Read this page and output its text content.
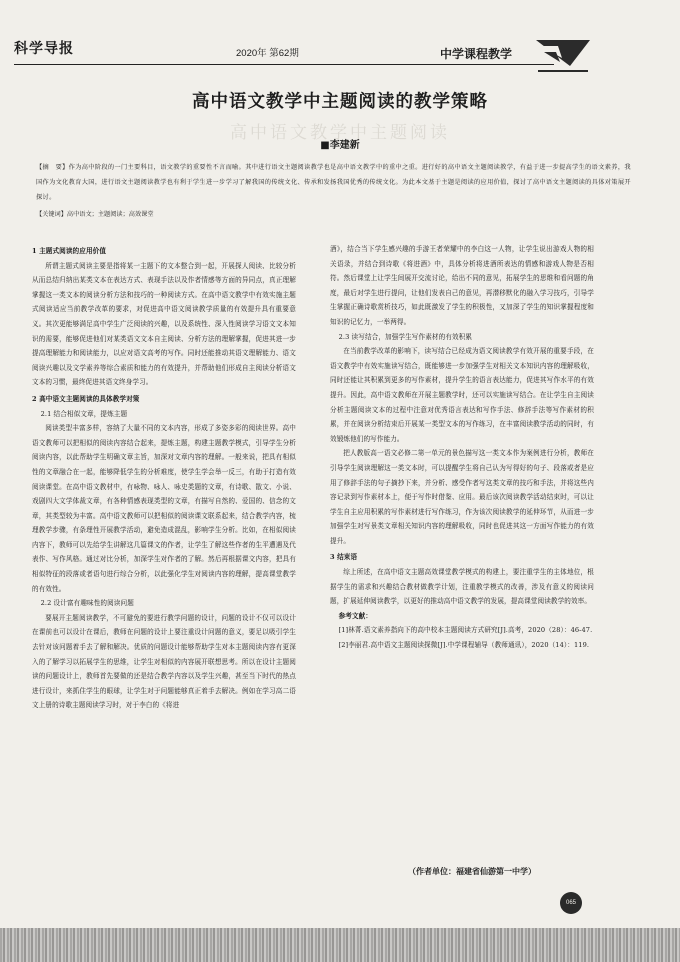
科学导报	2020年 第62期	中学课程教学
高中语文教学中主题阅读的教学策略
高中语文教学中主题阅读
■李建新
【摘　要】作为高中阶段的一门主要科目，语文教学的重要性不言而喻。其中进行语文主题阅读教学也是高中语文教学中的重中之重。进行好的高中语文主题阅读教学，有益于进一步提高学生的语文素养，我国作为文化教育大国，进行语文主题阅读教学也有利于学生进一步学习了解我国的传统文化、传承和发扬我国优秀的传统文化。为此本文基于主题是阅读的应用价值，探讨了高中语文主题阅读的具体对策展开探讨。
【关键词】高中语文；主题阅读；高效课堂
1 主题式阅读的应用价值

所谓主题式阅读主要是指将某一主题下的文本整合到一起，开展探人阅读、比较分析从而总结归纳出某类文本在表达方式、表现手法以及作者情感等方面的异同点，真正理解掌握这一类文本的阅读分析方法和技巧的一种阅读方式。在高中语文教学中有效实施主题式阅读适应当前教学改革的要求，对促进高中语文阅读教学质量的有效提升具有重要意义。其次更能够满足高中学生广泛阅读的兴趣，以及系统性、深入性阅读学习语文文本知识的需要，能够促进他们对某类语文文本自主阅读、分析方法的理解掌握，促进其进一步提高理解能力和阅读能力，以应对语文高考的写作。同时还能推动其语文理解能力、语文阅读兴趣以及文学素养等综合素质和能力的有效提升，并帮助他们形成自主阅读分析语文文本的习惯，最终促进其语文终身学习。

2 高中语文主题阅读的具体教学对策
2.1 结合相似文章，提炼主题

阅读类型丰富多样，容纳了大量不同的文本内容，形成了多姿多彩的阅读世界。高中语文教师可以把相似的阅读内容结合起来，提炼主题，构建主题教学模式，引导学生分析阅读内容，以此帮助学生明确文章主旨，加深对文章内容的理解。一般来说，把具有相似性的文章融合在一起，能够降低学生的分析难度，使学生学会举一反三，有助于打造有效阅读课堂。在高中语文教材中，有咏物、咏人、咏史类题的文章，有诗歌、散文、小说、戏剧四大文学体裁文章，有各种情感表现类型的文章，有描写自然的、爱国的、信念的文章，其类型较为丰富。高中语文教师可以把相似的阅读课文联系起来，结合教学内容，梳理教学步骤，有条理性开展教学活动，避免造成混乱，影响学生分析。比如，在相似阅读内容下，教师可以先给学生讲解这几篇课文的作者，让学生了解这些作者的生平遭遇及代表作、写作风格。通过对比分析，加深学生对作者的了解。然后再根据课文内容，把具有相似特征的段落或者语句进行综合分析，以此强化学生对阅读内容的理解，提高课堂教学的有效性。

2.2 设计富有趣味性的阅读问题

要展开主题阅读教学，不可避免的要进行教学问题的设计，问题的设计不仅可以设计在课前也可以设计在课后，教师在问题的设计上要注重设计问题的意义，要足以吸引学生去针对该问题着手去了解和解决。优质的问题设计能够帮助学生对本主题阅读内容有更深入的了解学习以拓展学生的思维，让学生对相似的内容展开联想思考。所以在设计主题阅读的问题设计上，教师首先要做的还是结合教学内容以及学生兴趣，甚至当下时代的热点进行设计，来抓住学生的眼球，让学生对于问题能够真正着手去解决。例如在学习高二语文上册的诗歌主题阅读学习时，对于李白的《将进

酒》，结合当下学生感兴趣的手游王者荣耀中的李白这一人物，让学生说出游戏人物的相关语录，并结合到诗歌《将进酒》中，具体分析将进酒所表达的情感和游戏人物是否相符。然后课堂上让学生间展开交流讨论，给出不同的意见，拓展学生的思维和看问题的角度，最后对学生进行提问，让他们发表自己的意见，再潜移默化的融入学习技巧，引导学生掌握正确诗歌赏析技巧，如此既激发了学生的积极性，又加深了学生的知识掌握程度和知识的记忆力，一举两得。

2.3 读写结合，加强学生写作素材的有效积累

在当前教学改革的影响下，读写结合已经成为语文阅读教学有效开展的重要手段，在语文教学中有效实施读写结合，既能够进一步加强学生对相关文本知识内容的理解吸收，同时还能让其积累到更多的写作素材，提升学生的语言表达能力，促进其写作水平的有效提升。因此，高中语文教师在开展主题教学时，还可以实施读写结合。在让学生自主阅读分析主题阅读文本的过程中注意对优秀语言表达和写作手法、修辞手法等写作素材的积累，并在阅读分析结束后开展某一类型文本的写作练习，在丰富阅读教学活动的同时，有效锻炼他们的写作能力。

把人教版高一语文必修二第一单元的景色描写这一类文本作为案例进行分析，教师在引导学生阅读理解这一类文本时，可以提醒学生将自己认为写得好的句子、段落或者是应用了修辞手法的句子摘抄下来，并分析、感受作者写这类文章的技巧和手法，并将这些内容记录到写作素材本上，便于写作时借鉴、应用。最后该次阅读教学活动结束时，可以让学生自主应用积累的写作素材进行写作练习，作为该次阅读教学的延伸环节，从而进一步加强学生对写景类文章相关知识内容的理解吸收，同时也促进其这一方面写作能力的有效提升。

3 结束语

综上所述，在高中语文主题高效课堂教学模式的构建上，要注重学生的主体地位，根据学生的需求和兴趣结合教材做教学计划，注重教学模式的改善，涉及有意义的阅读问题，扩展延伸阅读教学，以更好的推动高中语文教学的发展，提高课堂阅读教学的效率。

参考文献：

[1]林菁.语文素养指向下的高中校本主题阅读方式研究[J].高考，2020（28）：46-47.

[2]李丽君.高中语文主题阅读探微[J].中学课程辅导（教师通讯），2020（14）：119.

（作者单位：福建省仙游第一中学）
065
